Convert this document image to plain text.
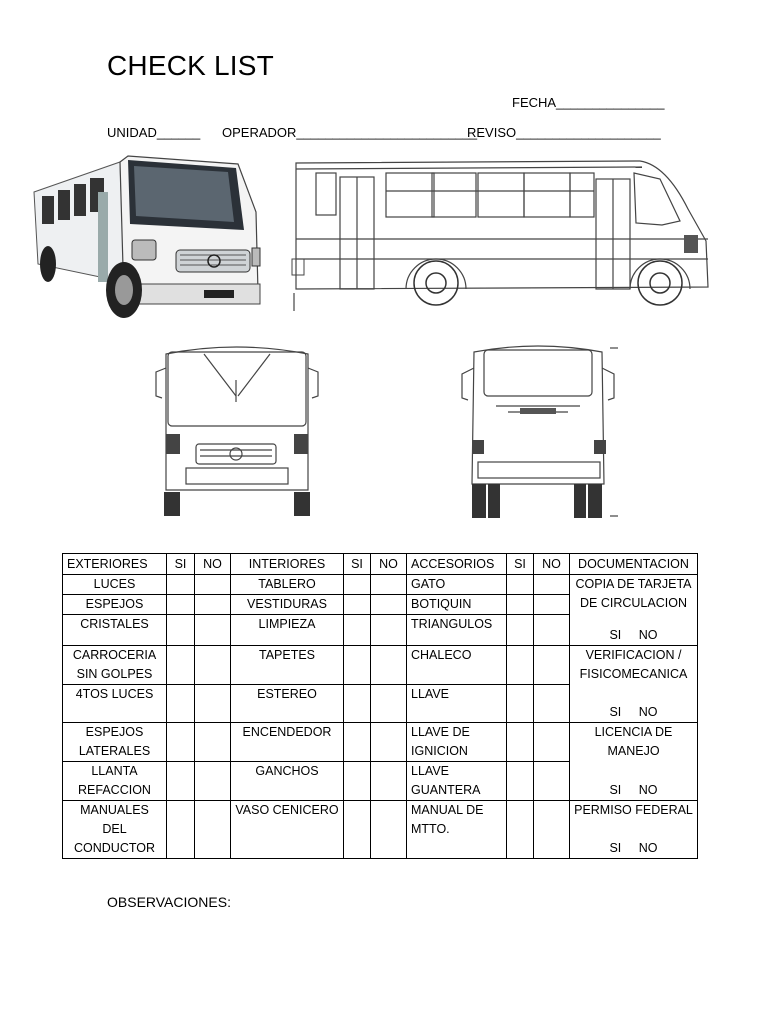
CHECK LIST
FECHA_______________
UNIDAD______ OPERADOR_________________________
REVISO____________________
EXTERIORES	SI	NO	INTERIORES	SI	NO	ACCESORIOS	SI	NO	DOCUMENTACION
LUCES			TABLERO			GATO			COPIA DE TARJETA DE CIRCULACION
SI NO

ESPEJOS			VESTIDURAS			BOTIQUIN			
CRISTALES			LIMPIEZA			TRIANGULOS			
CARROCERIA SIN GOLPES			TAPETES			CHALECO			VERIFICACION / FISICOMECANICA
SI NO

4TOS LUCES			ESTEREO			LLAVE			
ESPEJOS LATERALES			ENCENDEDOR			LLAVE DE IGNICION			LICENCIA DE MANEJO
SI NO

LLANTA REFACCION			GANCHOS			LLAVE GUANTERA			
MANUALES DEL CONDUCTOR			VASO CENICERO			MANUAL DE MTTO.			PERMISO FEDERAL
SI NO
OBSERVACIONES:
